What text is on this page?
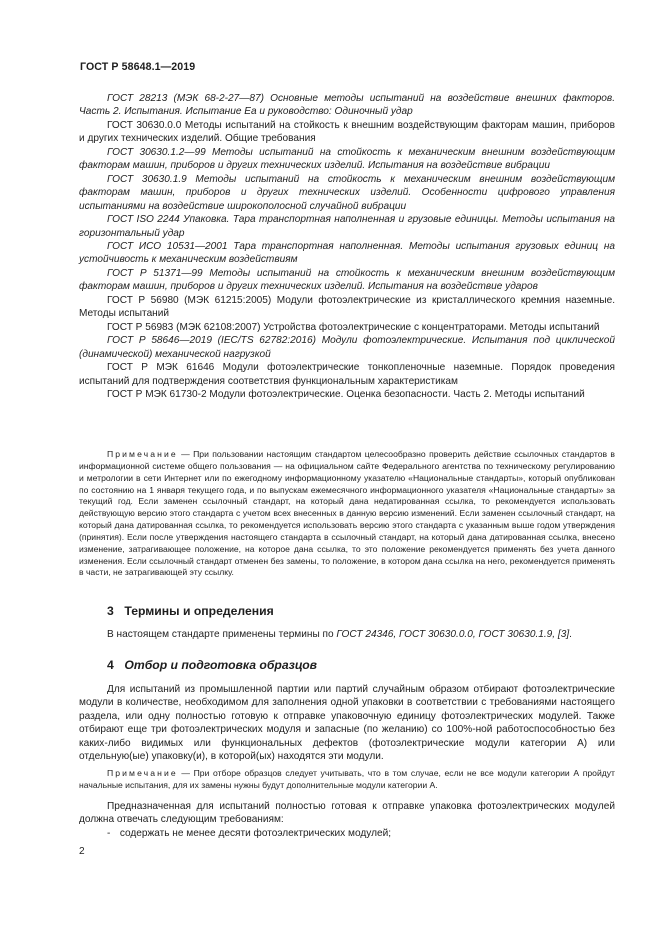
ГОСТ Р 58648.1—2019

ГОСТ 28213 (МЭК 68-2-27—87) Основные методы испытаний на воздействие внешних факторов. Часть 2. Испытания. Испытание Еа и руководство: Одиночный удар

ГОСТ 30630.0.0 Методы испытаний на стойкость к внешним воздействующим факторам машин, приборов и других технических изделий. Общие требования

ГОСТ 30630.1.2—99 Методы испытаний на стойкость к механическим внешним воздействующим факторам машин, приборов и других технических изделий. Испытания на воздействие вибрации

ГОСТ 30630.1.9 Методы испытаний на стойкость к механическим внешним воздействующим факторам машин, приборов и других технических изделий. Особенности цифрового управления испытаниями на воздействие широкополосной случайной вибрации

ГОСТ ISO 2244 Упаковка. Тара транспортная наполненная и грузовые единицы. Методы испытания на горизонтальный удар

ГОСТ ИСО 10531—2001 Тара транспортная наполненная. Методы испытания грузовых единиц на устойчивость к механическим воздействиям

ГОСТ Р 51371—99 Методы испытаний на стойкость к механическим внешним воздействующим факторам машин, приборов и других технических изделий. Испытания на воздействие ударов

ГОСТ Р 56980 (МЭК 61215:2005) Модули фотоэлектрические из кристаллического кремния наземные. Методы испытаний

ГОСТ Р 56983 (МЭК 62108:2007) Устройства фотоэлектрические с концентраторами. Методы испытаний

ГОСТ Р 58646—2019 (IEC/TS 62782:2016) Модули фотоэлектрические. Испытания под циклической (динамической) механической нагрузкой

ГОСТ Р МЭК 61646 Модули фотоэлектрические тонкопленочные наземные. Порядок проведения испытаний для подтверждения соответствия функциональным характеристикам

ГОСТ Р МЭК 61730-2 Модули фотоэлектрические. Оценка безопасности. Часть 2. Методы испытаний

Примечание — При пользовании настоящим стандартом целесообразно проверить действие ссылочных стандартов в информационной системе общего пользования — на официальном сайте Федерального агентства по техническому регулированию и метрологии в сети Интернет или по ежегодному информационному указателю «Национальные стандарты», который опубликован по состоянию на 1 января текущего года, и по выпускам ежемесячного информационного указателя «Национальные стандарты» за текущий год. Если заменен ссылочный стандарт, на который дана недатированная ссылка, то рекомендуется использовать действующую версию этого стандарта с учетом всех внесенных в данную версию изменений. Если заменен ссылочный стандарт, на который дана датированная ссылка, то рекомендуется использовать версию этого стандарта с указанным выше годом утверждения (принятия). Если после утверждения настоящего стандарта в ссылочный стандарт, на который дана датированная ссылка, внесено изменение, затрагивающее положение, на которое дана ссылка, то это положение рекомендуется применять без учета данного изменения. Если ссылочный стандарт отменен без замены, то положение, в котором дана ссылка на него, рекомендуется применять в части, не затрагивающей эту ссылку.

3 Термины и определения

В настоящем стандарте применены термины по ГОСТ 24346, ГОСТ 30630.0.0, ГОСТ 30630.1.9, [3].

4 Отбор и подготовка образцов

Для испытаний из промышленной партии или партий случайным образом отбирают фотоэлектрические модули в количестве, необходимом для заполнения одной упаковки в соответствии с требованиями настоящего раздела, или одну полностью готовую к отправке упаковочную единицу фотоэлектрических модулей. Также отбирают еще три фотоэлектрических модуля и запасные (по желанию) со 100%-ной работоспособностью без каких-либо видимых или функциональных дефектов (фотоэлектрические модули категории А) или отдельную(ые) упаковку(и), в которой(ых) находятся эти модули.

Примечание — При отборе образцов следует учитывать, что в том случае, если не все модули категории А пройдут начальные испытания, для их замены нужны будут дополнительные модули категории А.

Предназначенная для испытаний полностью готовая к отправке упаковка фотоэлектрических модулей должна отвечать следующим требованиям:

- содержать не менее десяти фотоэлектрических модулей;

2
